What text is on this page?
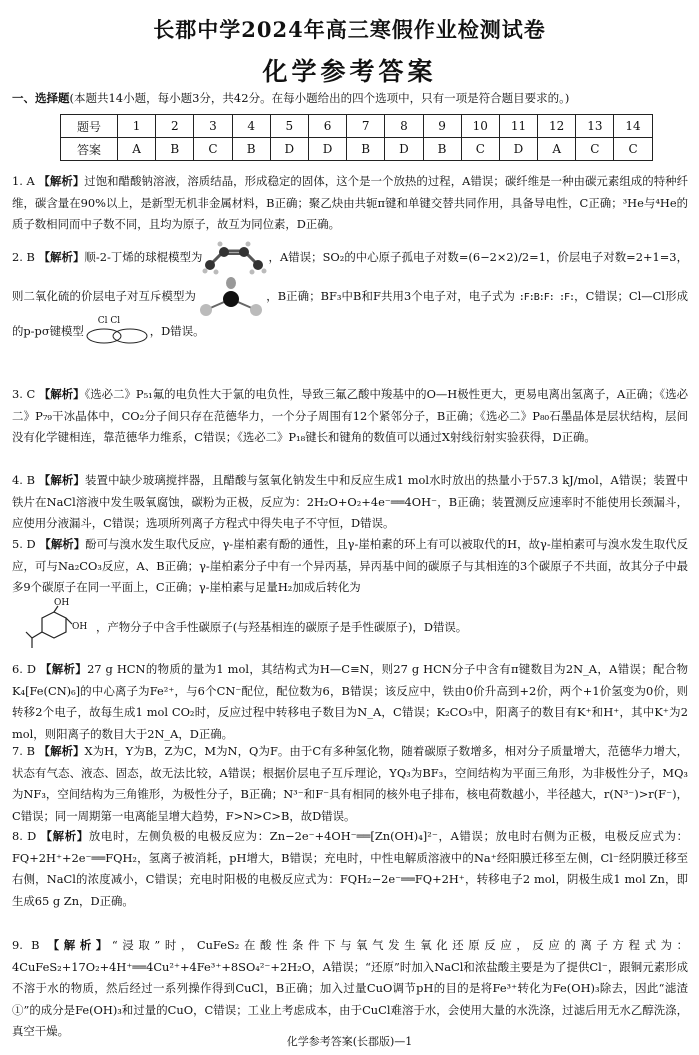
长郡中学2024年高三寒假作业检测试卷
化学参考答案
一、选择题(本题共14小题，每小题3分，共42分。在每小题给出的四个选项中，只有一项是符合题目要求的。)
题号	1	2	3	4	5	6	7	8	9	10	11	12	13	14
答案	A	B	C	B	D	D	B	D	B	C	D	A	C	C
1. A 【解析】过饱和醋酸钠溶液，溶质结晶，形成稳定的固体，这个是一个放热的过程，A错误；碳纤维是一种由碳元素组成的特种纤维，碳含量在90%以上，是新型无机非金属材料，B正确；聚乙炔由共轭π键和单键交替共同作用，具备导电性，C正确；³He与⁴He的质子数相同而中子数不同，且均为原子，故互为同位素，D正确。
2. B 【解析】顺-2-丁烯的球棍模型为	，A错误；SO₂的中心原子孤电子对数=(6−2×2)/2=1，价层电子对数=2+1=3，则二氧化硫的价层电子对互斥模型为	，B正确；BF₃中B和F共用3个电子对，电子式为 :F:B:F: :F:，C错误；Cl—Cl形成的p-pσ键模型
Cl Cl
，D错误。
3. C 【解析】《选必二》P₅₁氟的电负性大于氯的电负性，导致三氟乙酸中羧基中的O—H极性更大，更易电离出氢离子，A正确；《选必二》P₇₉干冰晶体中，CO₂分子间只存在范德华力，一个分子周围有12个紧邻分子，B正确；《选必二》P₈₀石墨晶体是层状结构，层间没有化学键相连，靠范德华力维系，C错误；《选必二》P₁₈键长和键角的数值可以通过X射线衍射实验获得，D正确。
4. B 【解析】装置中缺少玻璃搅拌器，且醋酸与氢氧化钠发生中和反应生成1 mol水时放出的热量小于57.3 kJ/mol，A错误；装置中铁片在NaCl溶液中发生吸氧腐蚀，碳粉为正极，反应为：2H₂O+O₂+4e⁻══4OH⁻，B正确；装置测反应速率时不能使用长颈漏斗，应使用分液漏斗，C错误；选项所列离子方程式中得失电子不守恒，D错误。
5. D 【解析】酚可与溴水发生取代反应，γ-崖柏素有酚的通性，且γ-崖柏素的环上有可以被取代的H，故γ-崖柏素可与溴水发生取代反应，可与Na₂CO₃反应，A、B正确；γ-崖柏素分子中有一个异丙基，异丙基中间的碳原子与其相连的3个碳原子不共面，故其分子中最多9个碳原子在同一平面上，C正确；γ-崖柏素与足量H₂加成后转化为
OH
OH ，产物分子中含手性碳原子(与羟基相连的碳原子是手性碳原子)，D错误。
6. D 【解析】27 g HCN的物质的量为1 mol，其结构式为H—C≡N，则27 g HCN分子中含有π键数目为2N_A，A错误；配合物K₄[Fe(CN)₆]的中心离子为Fe²⁺，与6个CN⁻配位，配位数为6，B错误；该反应中，铁由0价升高到+2价，两个+1价氢变为0价，则转移2个电子，故每生成1 mol CO₂时，反应过程中转移电子数目为N_A，C错误；K₂CO₃中，阳离子的数目有K⁺和H⁺，其中K⁺为2 mol，则阳离子的数目大于2N_A，D正确。
7. B 【解析】X为H，Y为B，Z为C，M为N，Q为F。由于C有多种氢化物，随着碳原子数增多，相对分子质量增大，范德华力增大，状态有气态、液态、固态，故无法比较，A错误；根据价层电子互斥理论，YQ₃为BF₃，空间结构为平面三角形，为非极性分子，MQ₃为NF₃，空间结构为三角锥形，为极性分子，B正确；N³⁻和F⁻具有相同的核外电子排布，核电荷数越小，半径越大，r(N³⁻)>r(F⁻)，C错误；同一周期第一电离能呈增大趋势，F>N>C>B，故D错误。
8. D 【解析】放电时，左侧负极的电极反应为：Zn−2e⁻+4OH⁻══[Zn(OH)₄]²⁻，A错误；放电时右侧为正极，电极反应式为：FQ+2H⁺+2e⁻══FQH₂，氢离子被消耗，pH增大，B错误；充电时，中性电解质溶液中的Na⁺经阳膜迁移至左侧，Cl⁻经阴膜迁移至右侧，NaCl的浓度减小，C错误；充电时阳极的电极反应式为：FQH₂−2e⁻══FQ+2H⁺，转移电子2 mol，阴极生成1 mol Zn，即生成65 g Zn，D正确。
9. B 【解析】“浸取”时，CuFeS₂在酸性条件下与氧气发生氧化还原反应，反应的离子方程式为：4CuFeS₂+17O₂+4H⁺══4Cu²⁺+4Fe³⁺+8SO₄²⁻+2H₂O，A错误；“还原”时加入NaCl和浓盐酸主要是为了提供Cl⁻，跟铜元素形成不溶于水的物质，然后经过一系列操作得到CuCl，B正确；加入过量CuO调节pH的目的是将Fe³⁺转化为Fe(OH)₃除去，因此“滤渣①”的成分是Fe(OH)₃和过量的CuO，C错误；工业上考虑成本，由于CuCl难溶于水，会使用大量的水洗涤，过滤后用无水乙醇洗涤，真空干燥。
化学参考答案(长郡版)—1
